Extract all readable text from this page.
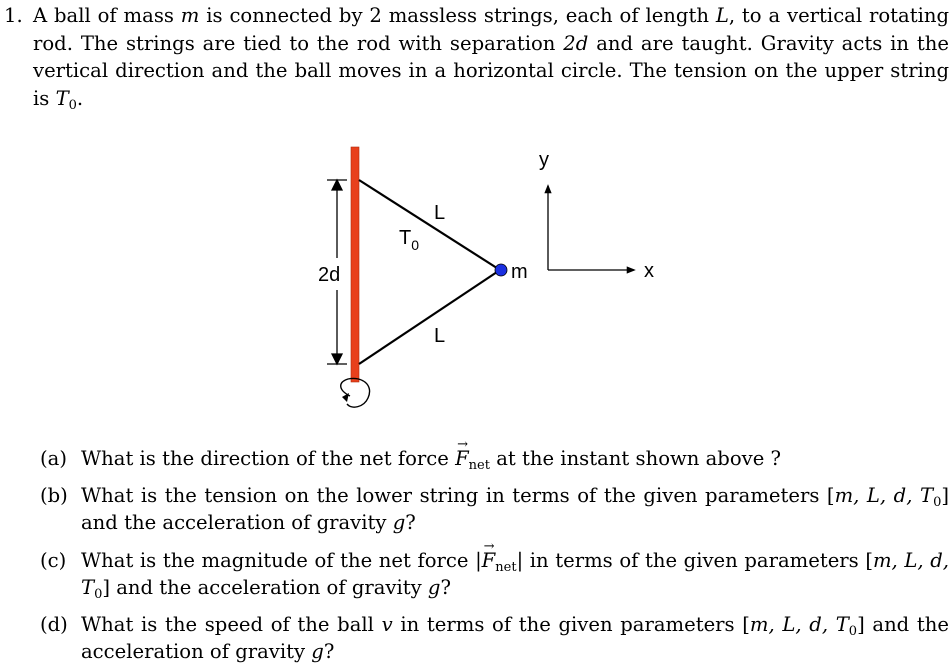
1. A ball of mass m is connected by 2 massless strings, each of length L, to a vertical rotating rod. The strings are tied to the rod with separation 2d and are taught. Gravity acts in the vertical direction and the ball moves in a horizontal circle. The tension on the upper string is $T_0$.
2d	m
L
L
$T_0$
y
x
(a) What is the direction of the net force → $F_{net}$ at the instant shown above ?
(b) What is the tension on the lower string in terms of the given parameters [m, L, d, $T_0$] and the acceleration of gravity g?
(c) What is the magnitude of the net force |→ $F_{net}|$ in terms of the given parameters [m, L, d, $T_0$] and the acceleration of gravity g?
(d) What is the speed of the ball v in terms of the given parameters [m, L, d, $T_0$] and the acceleration of gravity g?
